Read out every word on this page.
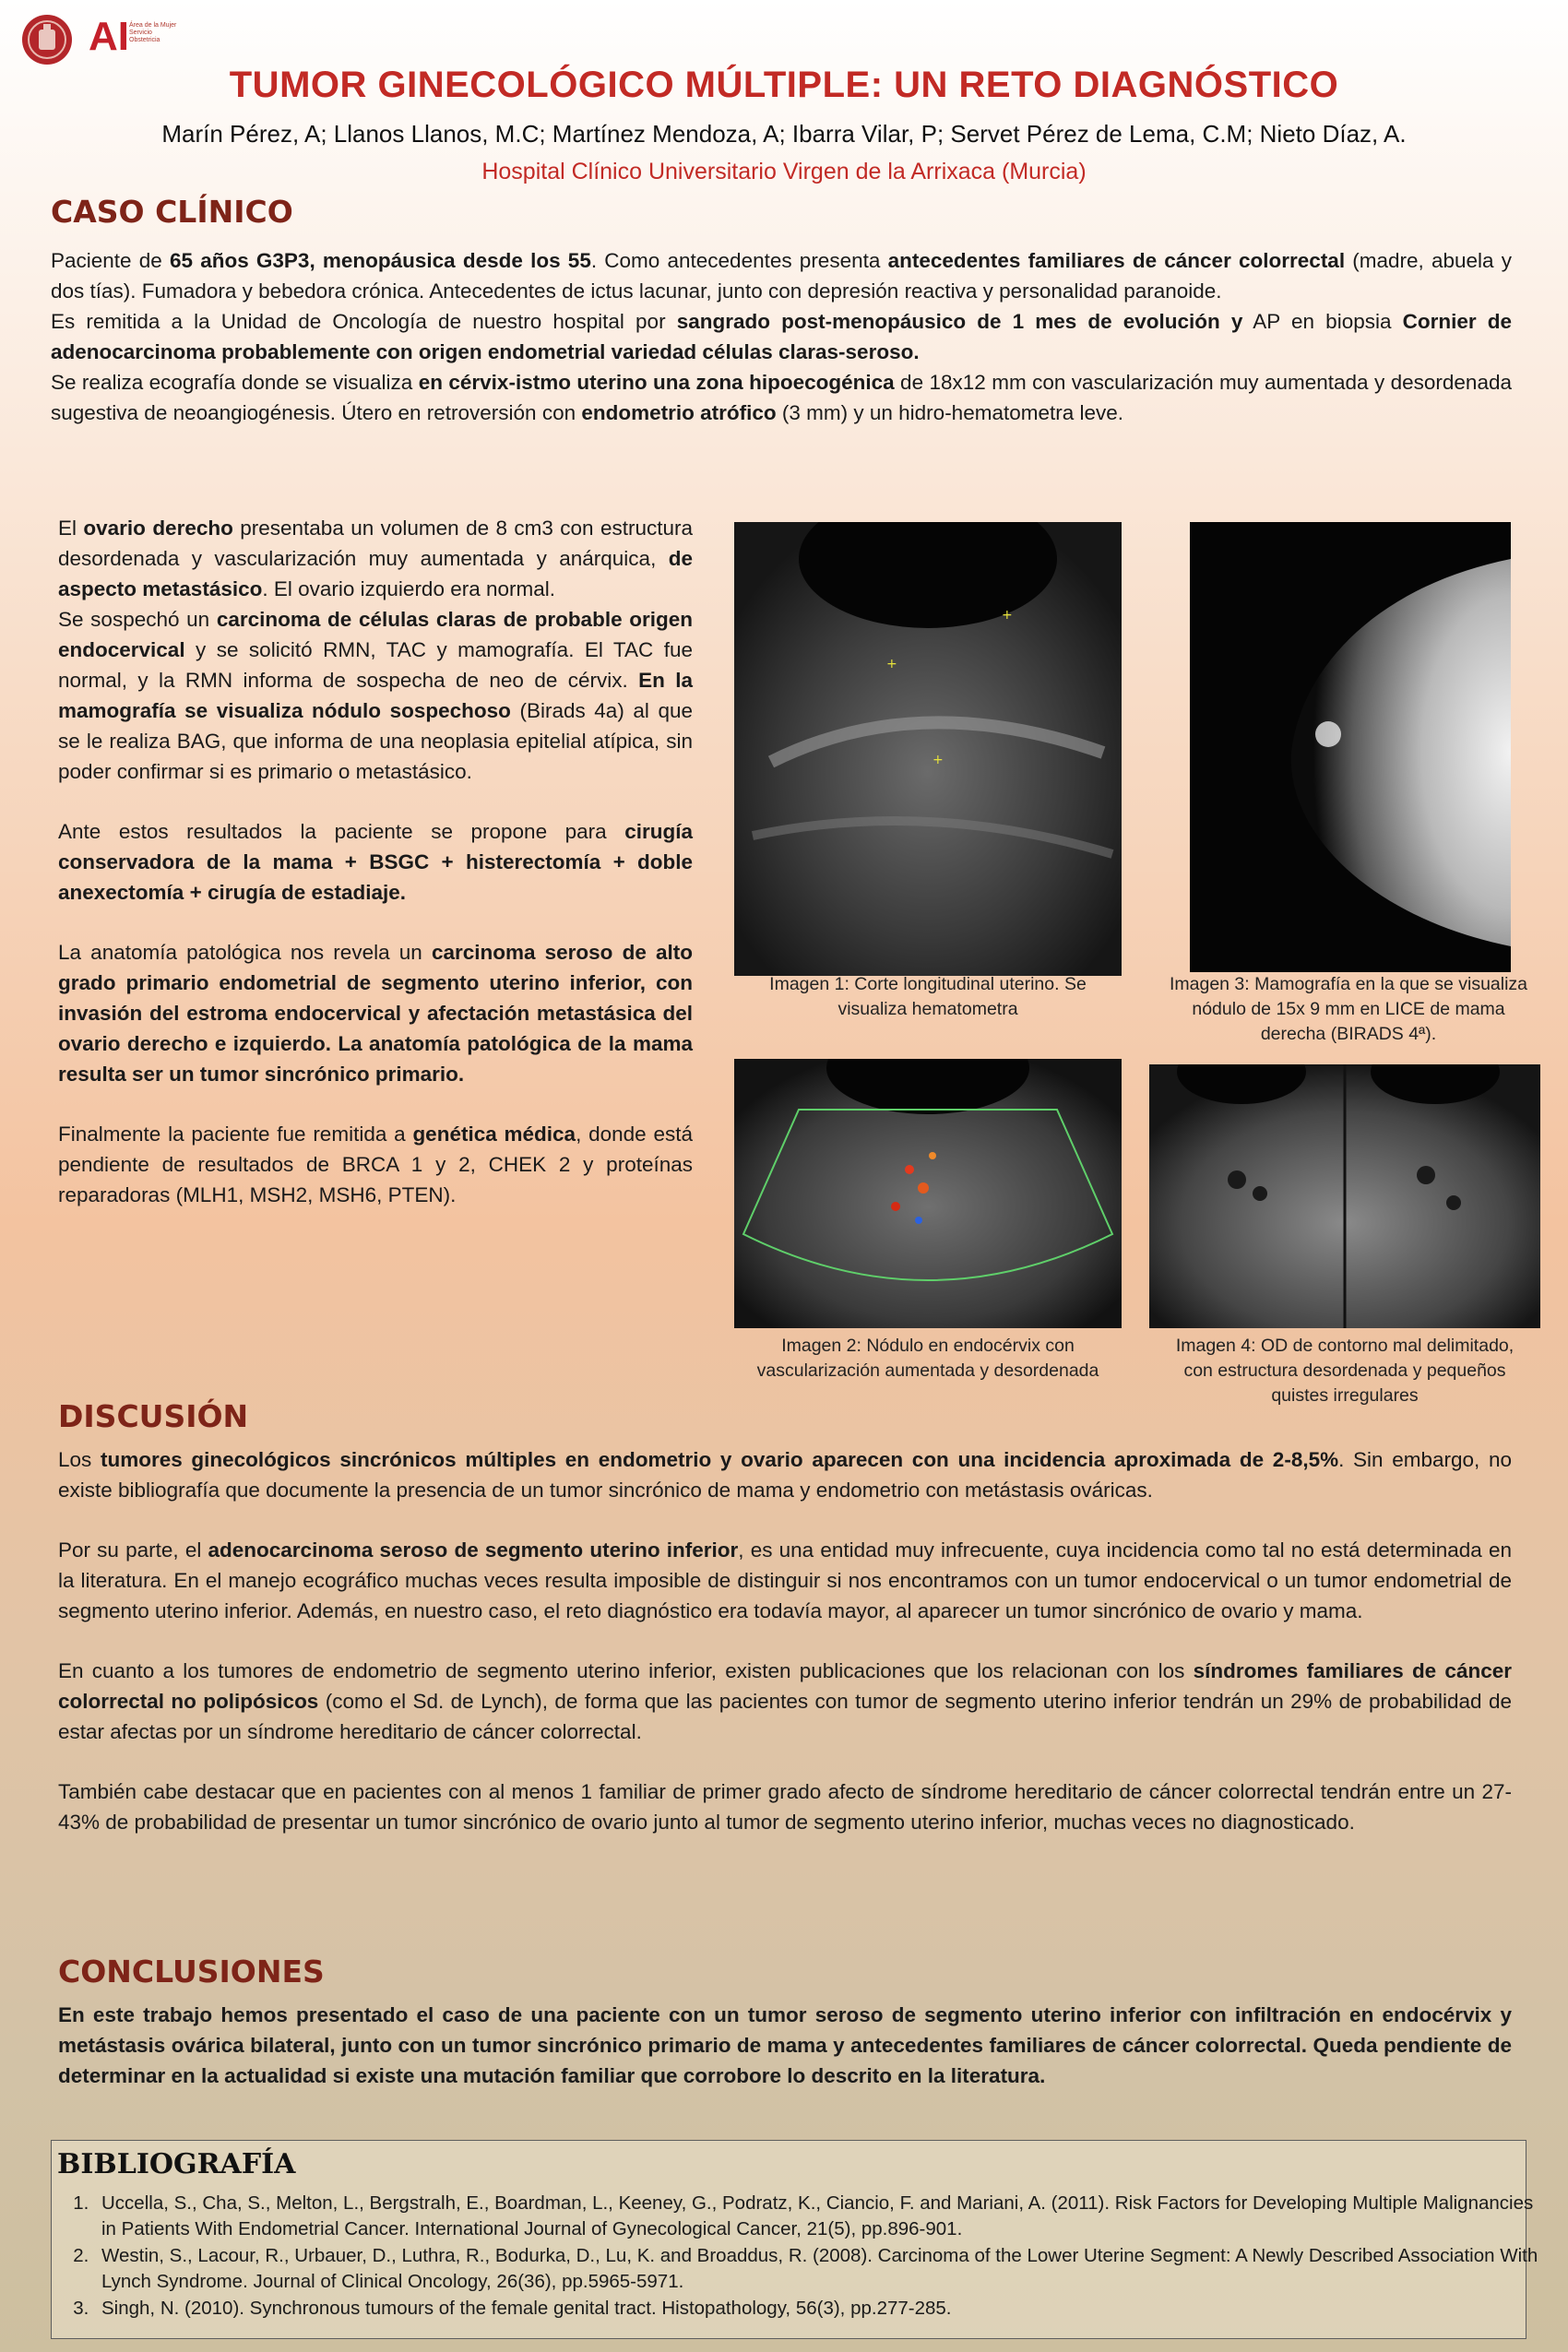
AI Área de la Mujer Servicio Obstetricia
TUMOR GINECOLÓGICO MÚLTIPLE: UN RETO DIAGNÓSTICO
Marín Pérez, A; Llanos Llanos, M.C; Martínez Mendoza, A; Ibarra Vilar, P; Servet Pérez de Lema, C.M; Nieto Díaz, A.
Hospital Clínico Universitario Virgen de la Arrixaca (Murcia)
CASO CLÍNICO
Paciente de 65 años G3P3, menopáusica desde los 55. Como antecedentes presenta antecedentes familiares de cáncer colorrectal (madre, abuela y dos tías). Fumadora y bebedora crónica. Antecedentes de ictus lacunar, junto con depresión reactiva y personalidad paranoide.
Es remitida a la Unidad de Oncología de nuestro hospital por sangrado post-menopáusico de 1 mes de evolución y AP en biopsia Cornier de adenocarcinoma probablemente con origen endometrial variedad células claras-seroso.
Se realiza ecografía donde se visualiza en cérvix-istmo uterino una zona hipoecogénica de 18x12 mm con vascularización muy aumentada y desordenada sugestiva de neoangiogénesis. Útero en retroversión con endometrio atrófico (3 mm) y un hidro-hematometra leve.

El ovario derecho presentaba un volumen de 8 cm3 con estructura desordenada y vascularización muy aumentada y anárquica, de aspecto metastásico. El ovario izquierdo era normal.
Se sospechó un carcinoma de células claras de probable origen endocervical y se solicitó RMN, TAC y mamografía. El TAC fue normal, y la RMN informa de sospecha de neo de cérvix. En la mamografía se visualiza nódulo sospechoso (Birads 4a) al que se le realiza BAG, que informa de una neoplasia epitelial atípica, sin poder confirmar si es primario o metastásico.

Ante estos resultados la paciente se propone para cirugía conservadora de la mama + BSGC + histerectomía + doble anexectomía + cirugía de estadiaje.

La anatomía patológica nos revela un carcinoma seroso de alto grado primario endometrial de segmento uterino inferior, con invasión del estroma endocervical y afectación metastásica del ovario derecho e izquierdo. La anatomía patológica de la mama resulta ser un tumor sincrónico primario.

Finalmente la paciente fue remitida a genética médica, donde está pendiente de resultados de BRCA 1 y 2, CHEK 2 y proteínas reparadoras (MLH1, MSH2, MSH6, PTEN).

+
+
+
Imagen 1: Corte longitudinal uterino. Se visualiza hematometra
Imagen 3: Mamografía en la que se visualiza nódulo de 15x 9 mm en LICE de mama derecha (BIRADS 4ª).
Imagen 2: Nódulo en endocérvix con vascularización aumentada y desordenada
Imagen 4: OD de contorno mal delimitado, con estructura desordenada y pequeños quistes irregulares
DISCUSIÓN

Los tumores ginecológicos sincrónicos múltiples en endometrio y ovario aparecen con una incidencia aproximada de 2-8,5%. Sin embargo, no existe bibliografía que documente la presencia de un tumor sincrónico de mama y endometrio con metástasis ováricas.

Por su parte, el adenocarcinoma seroso de segmento uterino inferior, es una entidad muy infrecuente, cuya incidencia como tal no está determinada en la literatura. En el manejo ecográfico muchas veces resulta imposible de distinguir si nos encontramos con un tumor endocervical o un tumor endometrial de segmento uterino inferior. Además, en nuestro caso, el reto diagnóstico era todavía mayor, al aparecer un tumor sincrónico de ovario y mama.

En cuanto a los tumores de endometrio de segmento uterino inferior, existen publicaciones que los relacionan con los síndromes familiares de cáncer colorrectal no polipósicos (como el Sd. de Lynch), de forma que las pacientes con tumor de segmento uterino inferior tendrán un 29% de probabilidad de estar afectas por un síndrome hereditario de cáncer colorrectal.

También cabe destacar que en pacientes con al menos 1 familiar de primer grado afecto de síndrome hereditario de cáncer colorrectal tendrán entre un 27-43% de probabilidad de presentar un tumor sincrónico de ovario junto al tumor de segmento uterino inferior, muchas veces no diagnosticado.

CONCLUSIONES
En este trabajo hemos presentado el caso de una paciente con un tumor seroso de segmento uterino inferior con infiltración en endocérvix y metástasis ovárica bilateral, junto con un tumor sincrónico primario de mama y antecedentes familiares de cáncer colorrectal. Queda pendiente de determinar en la actualidad si existe una mutación familiar que corrobore lo descrito en la literatura.
BIBLIOGRAFÍA
1. Uccella, S., Cha, S., Melton, L., Bergstralh, E., Boardman, L., Keeney, G., Podratz, K., Ciancio, F. and Mariani, A. (2011). Risk Factors for Developing Multiple Malignancies in Patients With Endometrial Cancer. International Journal of Gynecological Cancer, 21(5), pp.896-901.
2. Westin, S., Lacour, R., Urbauer, D., Luthra, R., Bodurka, D., Lu, K. and Broaddus, R. (2008). Carcinoma of the Lower Uterine Segment: A Newly Described Association With Lynch Syndrome. Journal of Clinical Oncology, 26(36), pp.5965-5971.
3. Singh, N. (2010). Synchronous tumours of the female genital tract. Histopathology, 56(3), pp.277-285.
